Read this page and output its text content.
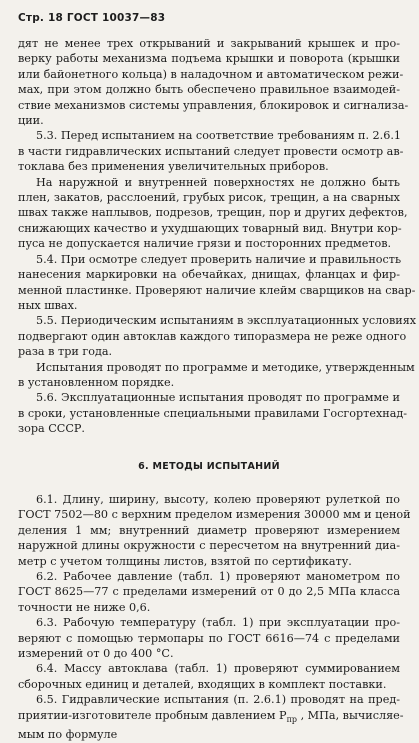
Стр. 18 ГОСТ 10037—83

дят не менее трех открываний и закрываний крышек и про-
верку работы механизма подъема крышки и поворота (крышки
или байонетного кольца) в наладочном и автоматическом режи-
мах, при этом должно быть обеспечено правильное взаимодей-
ствие механизмов системы управления, блокировок и сигнализа-
ции.

5.3. Перед испытанием на соответствие требованиям п. 2.6.1
в части гидравлических испытаний следует провести осмотр ав-
токлава без применения увеличительных приборов.

На наружной и внутренней поверхностях не должно быть
плен, закатов, расслоений, грубых рисок, трещин, а на сварных
швах также наплывов, подрезов, трещин, пор и других дефектов,
снижающих качество и ухудшающих товарный вид. Внутри кор-
пуса не допускается наличие грязи и посторонних предметов.

5.4. При осмотре следует проверить наличие и правильность
нанесения маркировки на обечайках, днищах, фланцах и фир-
менной пластинке. Проверяют наличие клейм сварщиков на свар-
ных швах.

5.5. Периодическим испытаниям в эксплуатационных условиях
подвергают один автоклав каждого типоразмера не реже одного
раза в три года.

Испытания проводят по программе и методике, утвержденным
в установленном порядке.

5.6. Эксплуатационные испытания проводят по программе и
в сроки, установленные специальными правилами Госгортехнад-
зора СССР.

6. МЕТОДЫ ИСПЫТАНИЙ

6.1. Длину, ширину, высоту, колею проверяют рулеткой по
ГОСТ 7502—80 с верхним пределом измерения 30000 мм и ценой
деления 1 мм; внутренний диаметр проверяют измерением
наружной длины окружности с пересчетом на внутренний диа-
метр с учетом толщины листов, взятой по сертификату.

6.2. Рабочее давление (табл. 1) проверяют манометром по
ГОСТ 8625—77 с пределами измерений от 0 до 2,5 МПа класса
точности не ниже 0,6.

6.3. Рабочую температуру (табл. 1) при эксплуатации про-
веряют с помощью термопары по ГОСТ 6616—74 с пределами
измерений от 0 до 400 °С.

6.4. Массу автоклава (табл. 1) проверяют суммированием
сборочных единиц и деталей, входящих в комплект поставки.

6.5. Гидравлические испытания (п. 2.6.1) проводят на пред-
приятии-изготовителе пробным давлением $Р_{пр}$ , МПа, вычисляе-
мым по формуле
